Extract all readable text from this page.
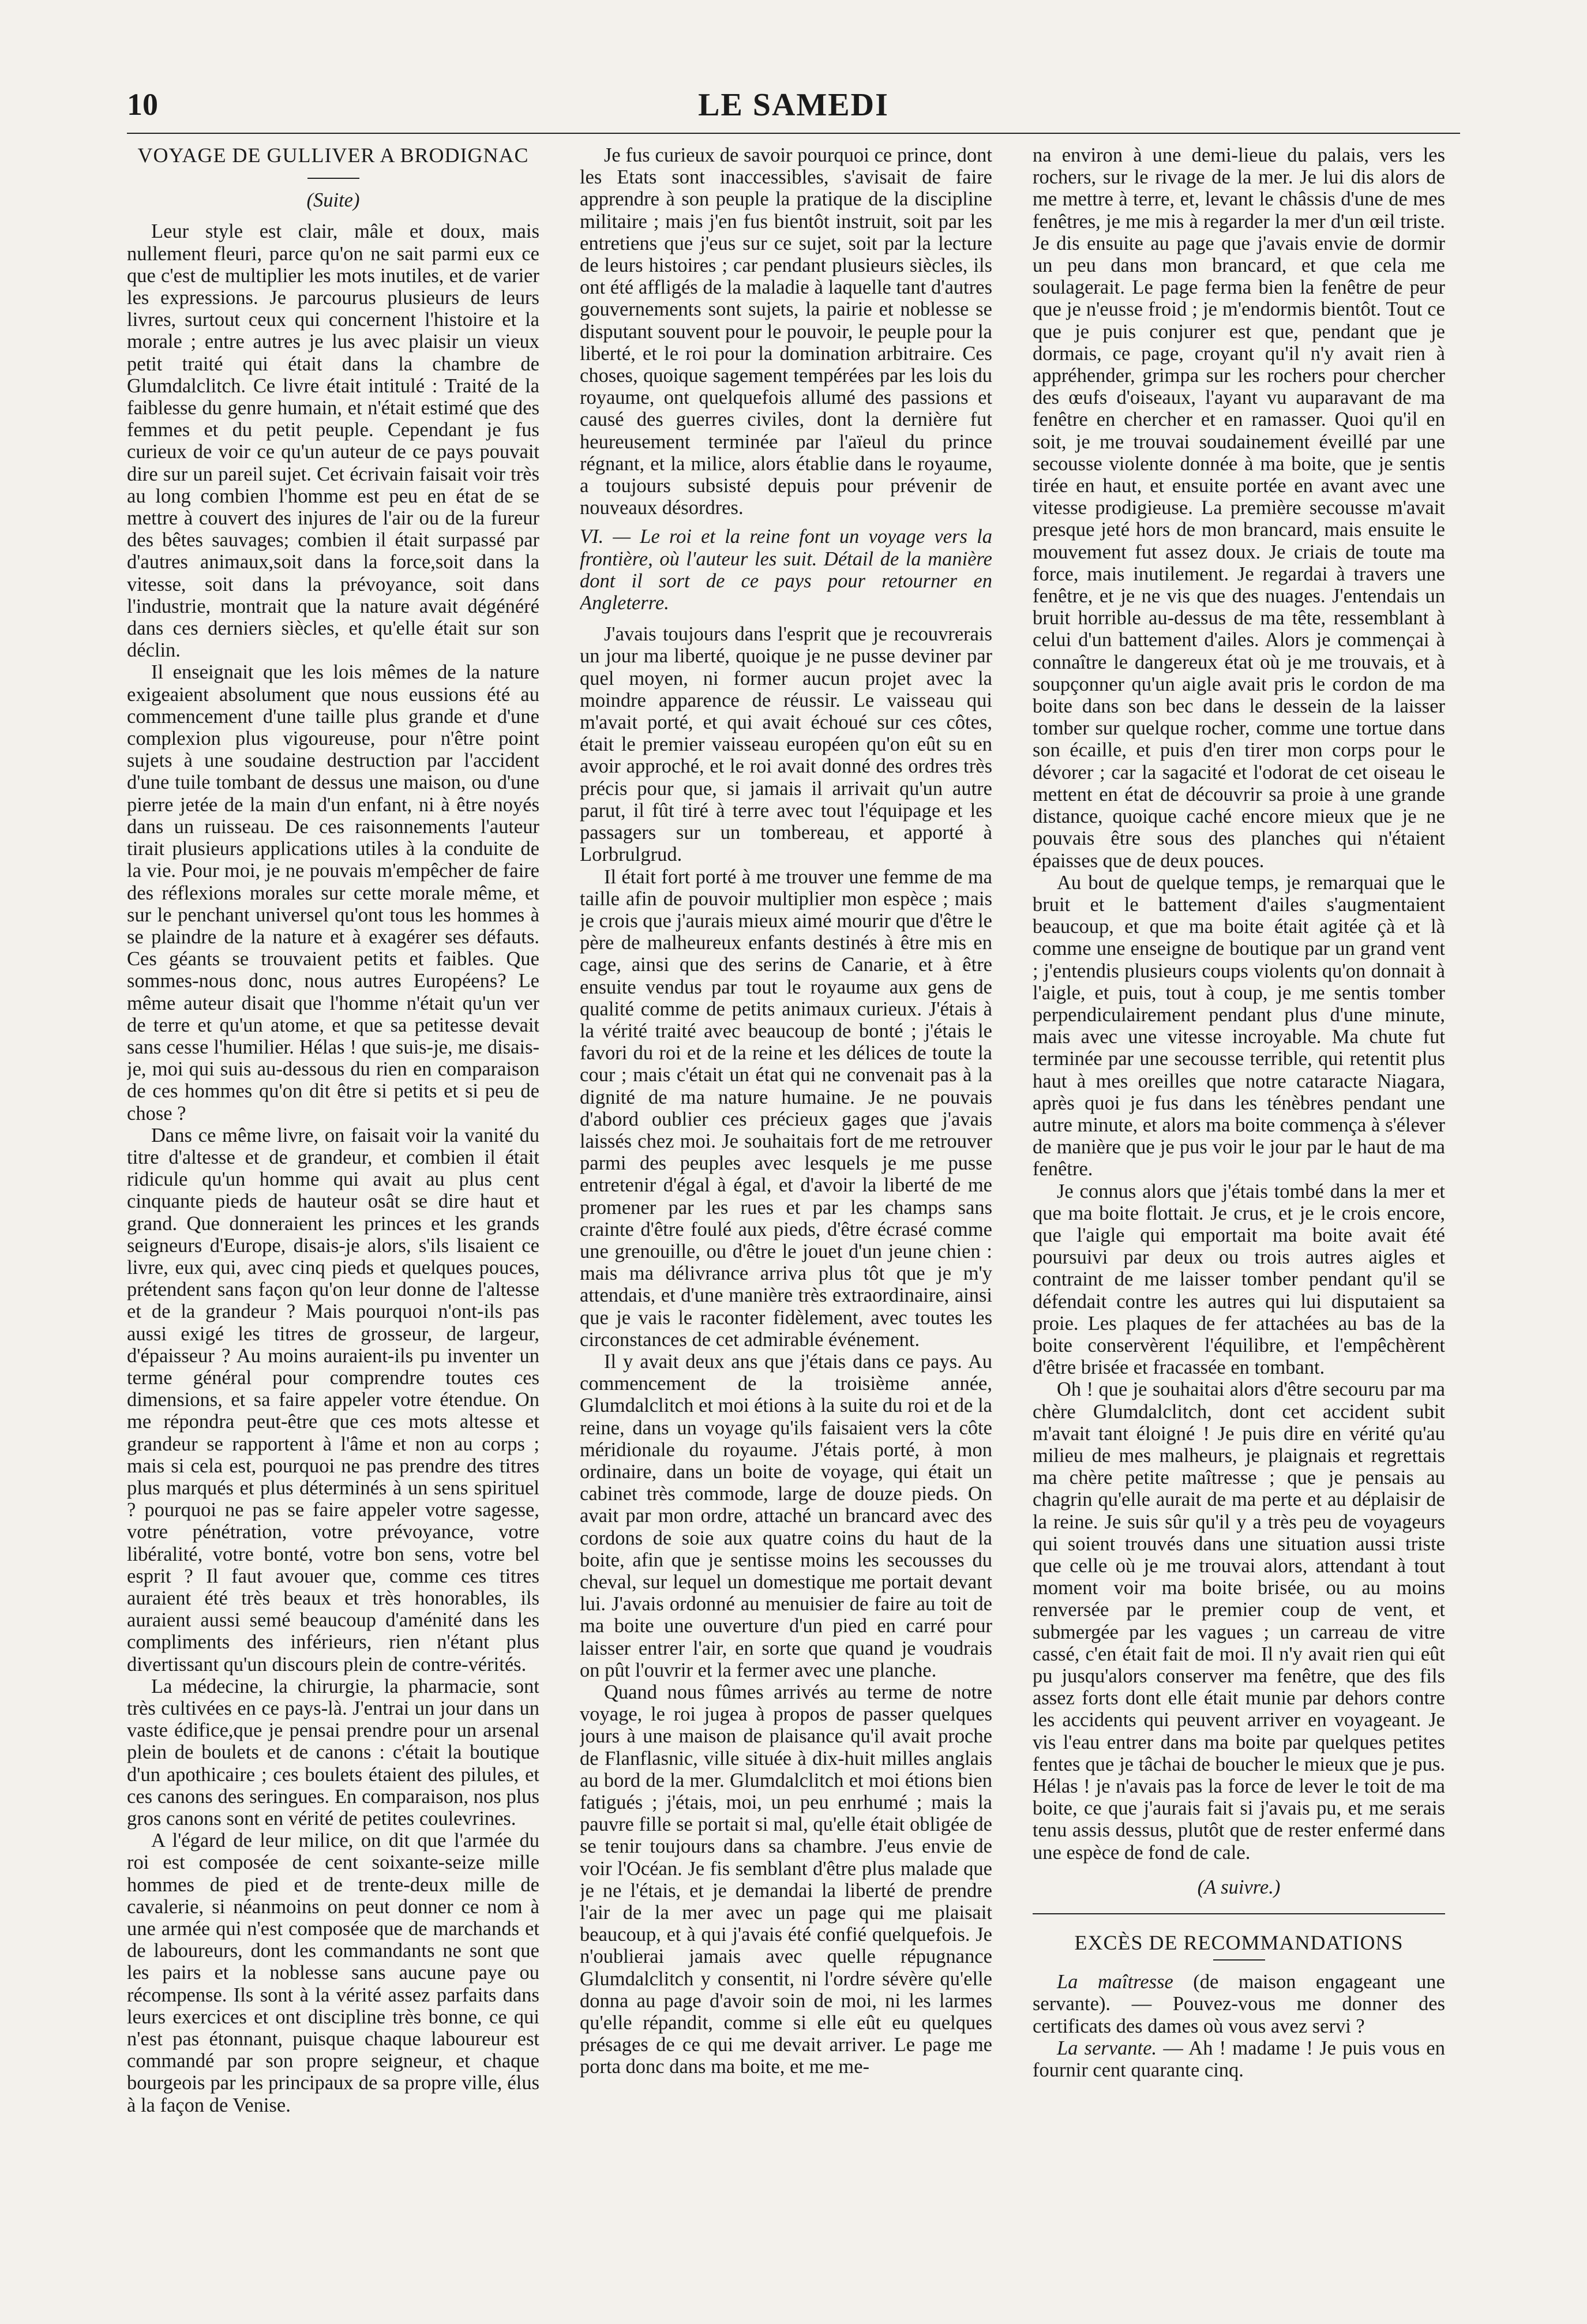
10	LE SAMEDI
VOYAGE DE GULLIVER A BRODIGNAC
(Suite)

Leur style est clair, mâle et doux, mais nullement fleuri, parce qu'on ne sait parmi eux ce que c'est de multiplier les mots inutiles, et de varier les expressions. Je parcourus plusieurs de leurs livres, surtout ceux qui concernent l'histoire et la morale ; entre autres je lus avec plaisir un vieux petit traité qui était dans la chambre de Glumdalclitch. Ce livre était intitulé : Traité de la faiblesse du genre humain, et n'était estimé que des femmes et du petit peuple. Cependant je fus curieux de voir ce qu'un auteur de ce pays pouvait dire sur un pareil sujet. Cet écrivain faisait voir très au long combien l'homme est peu en état de se mettre à couvert des injures de l'air ou de la fureur des bêtes sauvages; combien il était surpassé par d'autres animaux,soit dans la force,soit dans la vitesse, soit dans la prévoyance, soit dans l'industrie, montrait que la nature avait dégénéré dans ces derniers siècles, et qu'elle était sur son déclin.

Il enseignait que les lois mêmes de la nature exigeaient absolument que nous eussions été au commencement d'une taille plus grande et d'une complexion plus vigoureuse, pour n'être point sujets à une soudaine destruction par l'accident d'une tuile tombant de dessus une maison, ou d'une pierre jetée de la main d'un enfant, ni à être noyés dans un ruisseau. De ces raisonnements l'auteur tirait plusieurs applications utiles à la conduite de la vie. Pour moi, je ne pouvais m'empêcher de faire des réflexions morales sur cette morale même, et sur le penchant universel qu'ont tous les hommes à se plaindre de la nature et à exagérer ses défauts. Ces géants se trouvaient petits et faibles. Que sommes-nous donc, nous autres Européens? Le même auteur disait que l'homme n'était qu'un ver de terre et qu'un atome, et que sa petitesse devait sans cesse l'humilier. Hélas ! que suis-je, me disais-je, moi qui suis au-dessous du rien en comparaison de ces hommes qu'on dit être si petits et si peu de chose ?

Dans ce même livre, on faisait voir la vanité du titre d'altesse et de grandeur, et combien il était ridicule qu'un homme qui avait au plus cent cinquante pieds de hauteur osât se dire haut et grand. Que donneraient les princes et les grands seigneurs d'Europe, disais-je alors, s'ils lisaient ce livre, eux qui, avec cinq pieds et quelques pouces, prétendent sans façon qu'on leur donne de l'altesse et de la grandeur ? Mais pourquoi n'ont-ils pas aussi exigé les titres de grosseur, de largeur, d'épaisseur ? Au moins auraient-ils pu inventer un terme général pour comprendre toutes ces dimensions, et sa faire appeler votre étendue. On me répondra peut-être que ces mots altesse et grandeur se rapportent à l'âme et non au corps ; mais si cela est, pourquoi ne pas prendre des titres plus marqués et plus déterminés à un sens spirituel ? pourquoi ne pas se faire appeler votre sagesse, votre pénétration, votre prévoyance, votre libéralité, votre bonté, votre bon sens, votre bel esprit ? Il faut avouer que, comme ces titres auraient été très beaux et très honorables, ils auraient aussi semé beaucoup d'aménité dans les compliments des inférieurs, rien n'étant plus divertissant qu'un discours plein de contre-vérités.

La médecine, la chirurgie, la pharmacie, sont très cultivées en ce pays-là. J'entrai un jour dans un vaste édifice,que je pensai prendre pour un arsenal plein de boulets et de canons : c'était la boutique d'un apothicaire ; ces boulets étaient des pilules, et ces canons des seringues. En comparaison, nos plus gros canons sont en vérité de petites coulevrines.

A l'égard de leur milice, on dit que l'armée du roi est composée de cent soixante-seize mille hommes de pied et de trente-deux mille de cavalerie, si néanmoins on peut donner ce nom à une armée qui n'est composée que de marchands et de laboureurs, dont les commandants ne sont que les pairs et la noblesse sans aucune paye ou récompense. Ils sont à la vérité assez parfaits dans leurs exercices et ont discipline très bonne, ce qui n'est pas étonnant, puisque chaque laboureur est commandé par son propre seigneur, et chaque bourgeois par les principaux de sa propre ville, élus à la façon de Venise.

Je fus curieux de savoir pourquoi ce prince, dont les Etats sont inaccessibles, s'avisait de faire apprendre à son peuple la pratique de la discipline militaire ; mais j'en fus bientôt instruit, soit par les entretiens que j'eus sur ce sujet, soit par la lecture de leurs histoires ; car pendant plusieurs siècles, ils ont été affligés de la maladie à laquelle tant d'autres gouvernements sont sujets, la pairie et noblesse se disputant souvent pour le pouvoir, le peuple pour la liberté, et le roi pour la domination arbitraire. Ces choses, quoique sagement tempérées par les lois du royaume, ont quelquefois allumé des passions et causé des guerres civiles, dont la dernière fut heureusement terminée par l'aïeul du prince régnant, et la milice, alors établie dans le royaume, a toujours subsisté depuis pour prévenir de nouveaux désordres.

VI. — Le roi et la reine font un voyage vers la frontière, où l'auteur les suit. Détail de la manière dont il sort de ce pays pour retourner en Angleterre.

J'avais toujours dans l'esprit que je recouvrerais un jour ma liberté, quoique je ne pusse deviner par quel moyen, ni former aucun projet avec la moindre apparence de réussir. Le vaisseau qui m'avait porté, et qui avait échoué sur ces côtes, était le premier vaisseau européen qu'on eût su en avoir approché, et le roi avait donné des ordres très précis pour que, si jamais il arrivait qu'un autre parut, il fût tiré à terre avec tout l'équipage et les passagers sur un tombereau, et apporté à Lorbrulgrud.

Il était fort porté à me trouver une femme de ma taille afin de pouvoir multiplier mon espèce ; mais je crois que j'aurais mieux aimé mourir que d'être le père de malheureux enfants destinés à être mis en cage, ainsi que des serins de Canarie, et à être ensuite vendus par tout le royaume aux gens de qualité comme de petits animaux curieux. J'étais à la vérité traité avec beaucoup de bonté ; j'étais le favori du roi et de la reine et les délices de toute la cour ; mais c'était un état qui ne convenait pas à la dignité de ma nature humaine. Je ne pouvais d'abord oublier ces précieux gages que j'avais laissés chez moi. Je souhaitais fort de me retrouver parmi des peuples avec lesquels je me pusse entretenir d'égal à égal, et d'avoir la liberté de me promener par les rues et par les champs sans crainte d'être foulé aux pieds, d'être écrasé comme une grenouille, ou d'être le jouet d'un jeune chien : mais ma délivrance arriva plus tôt que je m'y attendais, et d'une manière très extraordinaire, ainsi que je vais le raconter fidèlement, avec toutes les circonstances de cet admirable événement.

Il y avait deux ans que j'étais dans ce pays. Au commencement de la troisième année, Glumdalclitch et moi étions à la suite du roi et de la reine, dans un voyage qu'ils faisaient vers la côte méridionale du royaume. J'étais porté, à mon ordinaire, dans un boite de voyage, qui était un cabinet très commode, large de douze pieds. On avait par mon ordre, attaché un brancard avec des cordons de soie aux quatre coins du haut de la boite, afin que je sentisse moins les secousses du cheval, sur lequel un domestique me portait devant lui. J'avais ordonné au menuisier de faire au toit de ma boite une ouverture d'un pied en carré pour laisser entrer l'air, en sorte que quand je voudrais on pût l'ouvrir et la fermer avec une planche.

Quand nous fûmes arrivés au terme de notre voyage, le roi jugea à propos de passer quelques jours à une maison de plaisance qu'il avait proche de Flanflasnic, ville située à dix-huit milles anglais au bord de la mer. Glumdalclitch et moi étions bien fatigués ; j'étais, moi, un peu enrhumé ; mais la pauvre fille se portait si mal, qu'elle était obligée de se tenir toujours dans sa chambre. J'eus envie de voir l'Océan. Je fis semblant d'être plus malade que je ne l'étais, et je demandai la liberté de prendre l'air de la mer avec un page qui me plaisait beaucoup, et à qui j'avais été confié quelquefois. Je n'oublierai jamais avec quelle répugnance Glumdalclitch y consentit, ni l'ordre sévère qu'elle donna au page d'avoir soin de moi, ni les larmes qu'elle répandit, comme si elle eût eu quelques présages de ce qui me devait arriver. Le page me porta donc dans ma boite, et me me-

na environ à une demi-lieue du palais, vers les rochers, sur le rivage de la mer. Je lui dis alors de me mettre à terre, et, levant le châssis d'une de mes fenêtres, je me mis à regarder la mer d'un œil triste. Je dis ensuite au page que j'avais envie de dormir un peu dans mon brancard, et que cela me soulagerait. Le page ferma bien la fenêtre de peur que je n'eusse froid ; je m'endormis bientôt. Tout ce que je puis conjurer est que, pendant que je dormais, ce page, croyant qu'il n'y avait rien à appréhender, grimpa sur les rochers pour chercher des œufs d'oiseaux, l'ayant vu auparavant de ma fenêtre en chercher et en ramasser. Quoi qu'il en soit, je me trouvai soudainement éveillé par une secousse violente donnée à ma boite, que je sentis tirée en haut, et ensuite portée en avant avec une vitesse prodigieuse. La première secousse m'avait presque jeté hors de mon brancard, mais ensuite le mouvement fut assez doux. Je criais de toute ma force, mais inutilement. Je regardai à travers une fenêtre, et je ne vis que des nuages. J'entendais un bruit horrible au-dessus de ma tête, ressemblant à celui d'un battement d'ailes. Alors je commençai à connaître le dangereux état où je me trouvais, et à soupçonner qu'un aigle avait pris le cordon de ma boite dans son bec dans le dessein de la laisser tomber sur quelque rocher, comme une tortue dans son écaille, et puis d'en tirer mon corps pour le dévorer ; car la sagacité et l'odorat de cet oiseau le mettent en état de découvrir sa proie à une grande distance, quoique caché encore mieux que je ne pouvais être sous des planches qui n'étaient épaisses que de deux pouces.

Au bout de quelque temps, je remarquai que le bruit et le battement d'ailes s'augmentaient beaucoup, et que ma boite était agitée çà et là comme une enseigne de boutique par un grand vent ; j'entendis plusieurs coups violents qu'on donnait à l'aigle, et puis, tout à coup, je me sentis tomber perpendiculairement pendant plus d'une minute, mais avec une vitesse incroyable. Ma chute fut terminée par une secousse terrible, qui retentit plus haut à mes oreilles que notre cataracte Niagara, après quoi je fus dans les ténèbres pendant une autre minute, et alors ma boite commença à s'élever de manière que je pus voir le jour par le haut de ma fenêtre.

Je connus alors que j'étais tombé dans la mer et que ma boite flottait. Je crus, et je le crois encore, que l'aigle qui emportait ma boite avait été poursuivi par deux ou trois autres aigles et contraint de me laisser tomber pendant qu'il se défendait contre les autres qui lui disputaient sa proie. Les plaques de fer attachées au bas de la boite conservèrent l'équilibre, et l'empêchèrent d'être brisée et fracassée en tombant.

Oh ! que je souhaitai alors d'être secouru par ma chère Glumdalclitch, dont cet accident subit m'avait tant éloigné ! Je puis dire en vérité qu'au milieu de mes malheurs, je plaignais et regrettais ma chère petite maîtresse ; que je pensais au chagrin qu'elle aurait de ma perte et au déplaisir de la reine. Je suis sûr qu'il y a très peu de voyageurs qui soient trouvés dans une situation aussi triste que celle où je me trouvai alors, attendant à tout moment voir ma boite brisée, ou au moins renversée par le premier coup de vent, et submergée par les vagues ; un carreau de vitre cassé, c'en était fait de moi. Il n'y avait rien qui eût pu jusqu'alors conserver ma fenêtre, que des fils assez forts dont elle était munie par dehors contre les accidents qui peuvent arriver en voyageant. Je vis l'eau entrer dans ma boite par quelques petites fentes que je tâchai de boucher le mieux que je pus. Hélas ! je n'avais pas la force de lever le toit de ma boite, ce que j'aurais fait si j'avais pu, et me serais tenu assis dessus, plutôt que de rester enfermé dans une espèce de fond de cale.

(A suivre.)

EXCÈS DE RECOMMANDATIONS

La maîtresse (de maison engageant une servante). — Pouvez-vous me donner des certificats des dames où vous avez servi ?

La servante. — Ah ! madame ! Je puis vous en fournir cent quarante cinq.
